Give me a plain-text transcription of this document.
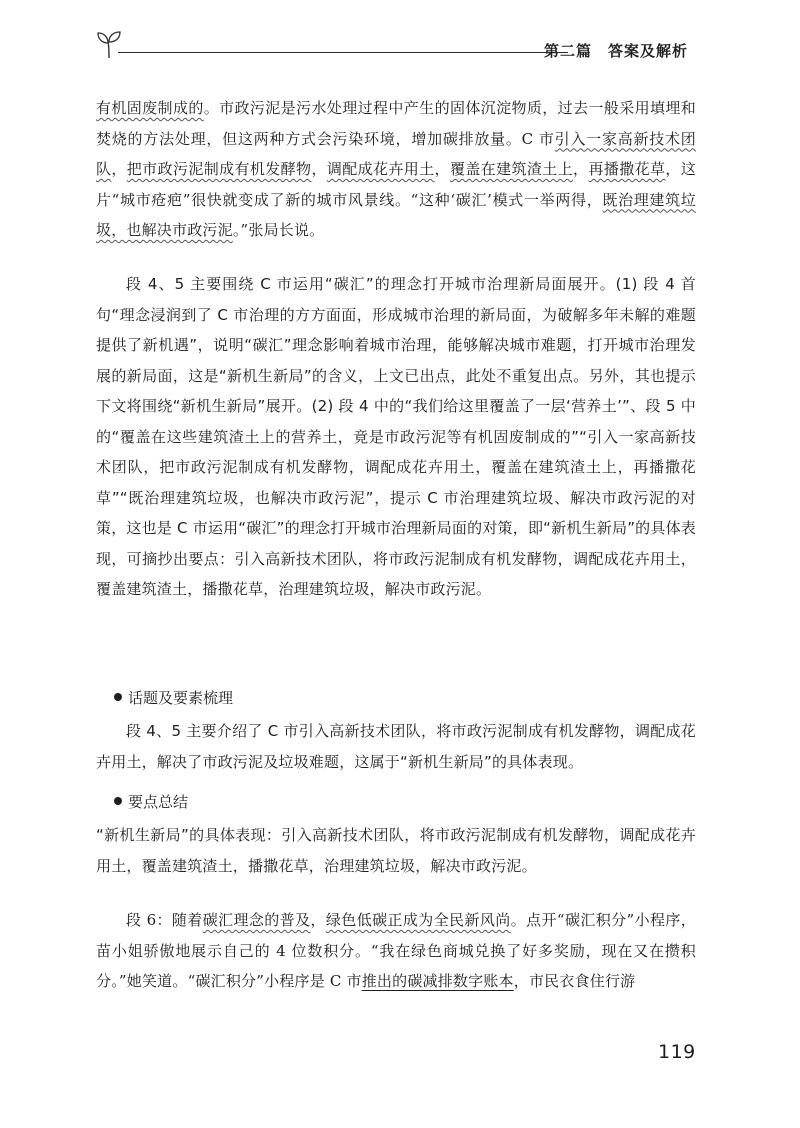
第二篇　答案及解析

有机固废制成的。市政污泥是污水处理过程中产生的固体沉淀物质，过去一般采用填埋和焚烧的方法处理，但这两种方式会污染环境，增加碳排放量。C 市引入一家高新技术团队，把市政污泥制成有机发酵物，调配成花卉用土，覆盖在建筑渣土上，再播撒花草，这片“城市疮疤”很快就变成了新的城市风景线。“这种‘碳汇’模式一举两得，既治理建筑垃圾，也解决市政污泥。”张局长说。

段 4、5 主要围绕 C 市运用“碳汇”的理念打开城市治理新局面展开。(1) 段 4 首句“理念浸润到了 C 市治理的方方面面，形成城市治理的新局面，为破解多年未解的难题提供了新机遇”，说明“碳汇”理念影响着城市治理，能够解决城市难题，打开城市治理发展的新局面，这是“新机生新局”的含义，上文已出点，此处不重复出点。另外，其也提示下文将围绕“新机生新局”展开。(2) 段 4 中的“我们给这里覆盖了一层‘营养土’”、段 5 中的“覆盖在这些建筑渣土上的营养土，竟是市政污泥等有机固废制成的”“引入一家高新技术团队，把市政污泥制成有机发酵物，调配成花卉用土，覆盖在建筑渣土上，再播撒花草”“既治理建筑垃圾，也解决市政污泥”，提示 C 市治理建筑垃圾、解决市政污泥的对策，这也是 C 市运用“碳汇”的理念打开城市治理新局面的对策，即“新机生新局”的具体表现，可摘抄出要点：引入高新技术团队，将市政污泥制成有机发酵物，调配成花卉用土，覆盖建筑渣土，播撒花草，治理建筑垃圾，解决市政污泥。

话题及要素梳理

段 4、5 主要介绍了 C 市引入高新技术团队，将市政污泥制成有机发酵物，调配成花卉用土，解决了市政污泥及垃圾难题，这属于“新机生新局”的具体表现。

要点总结

“新机生新局”的具体表现：引入高新技术团队，将市政污泥制成有机发酵物，调配成花卉用土，覆盖建筑渣土，播撒花草，治理建筑垃圾，解决市政污泥。

段 6：随着碳汇理念的普及，绿色低碳正成为全民新风尚。点开“碳汇积分”小程序，苗小姐骄傲地展示自己的 4 位数积分。“我在绿色商城兑换了好多奖励，现在又在攒积分。”她笑道。“碳汇积分”小程序是 C 市推出的碳减排数字账本，市民衣食住行游

119
